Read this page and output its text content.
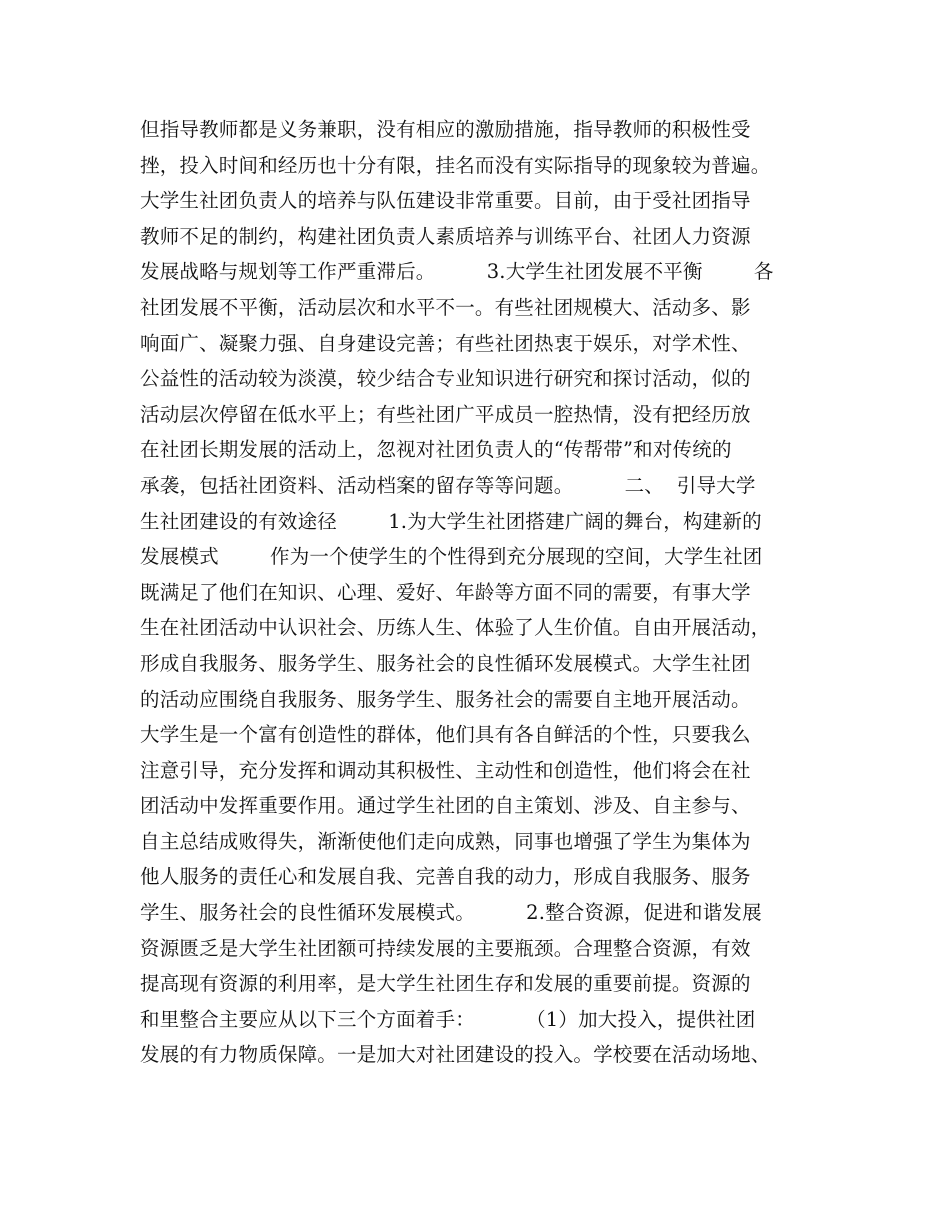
但指导教师都是义务兼职，没有相应的激励措施，指导教师的积极性受
挫，投入时间和经历也十分有限，挂名而没有实际指导的现象较为普遍。
大学生社团负责人的培养与队伍建设非常重要。目前，由于受社团指导
教师不足的制约，构建社团负责人素质培养与训练平台、社团人力资源
发展战略与规划等工作严重滞后。        3.大学生社团发展不平衡        各
社团发展不平衡，活动层次和水平不一。有些社团规模大、活动多、影
响面广、凝聚力强、自身建设完善；有些社团热衷于娱乐，对学术性、
公益性的活动较为淡漠，较少结合专业知识进行研究和探讨活动，似的
活动层次停留在低水平上；有些社团广平成员一腔热情，没有把经历放
在社团长期发展的活动上，忽视对社团负责人的“传帮带”和对传统的
承袭，包括社团资料、活动档案的留存等等问题。        二、  引导大学
生社团建设的有效途径        1.为大学生社团搭建广阔的舞台，构建新的
发展模式        作为一个使学生的个性得到充分展现的空间，大学生社团
既满足了他们在知识、心理、爱好、年龄等方面不同的需要，有事大学
生在社团活动中认识社会、历练人生、体验了人生价值。自由开展活动，
形成自我服务、服务学生、服务社会的良性循环发展模式。大学生社团
的活动应围绕自我服务、服务学生、服务社会的需要自主地开展活动。
大学生是一个富有创造性的群体，他们具有各自鲜活的个性，只要我么
注意引导，充分发挥和调动其积极性、主动性和创造性，他们将会在社
团活动中发挥重要作用。通过学生社团的自主策划、涉及、自主参与、
自主总结成败得失，渐渐使他们走向成熟，同事也增强了学生为集体为
他人服务的责任心和发展自我、完善自我的动力，形成自我服务、服务
学生、服务社会的良性循环发展模式。        2.整合资源，促进和谐发展
资源匮乏是大学生社团额可持续发展的主要瓶颈。合理整合资源，有效
提高现有资源的利用率，是大学生社团生存和发展的重要前提。资源的
和里整合主要应从以下三个方面着手：        （1）加大投入，提供社团
发展的有力物质保障。一是加大对社团建设的投入。学校要在活动场地、
